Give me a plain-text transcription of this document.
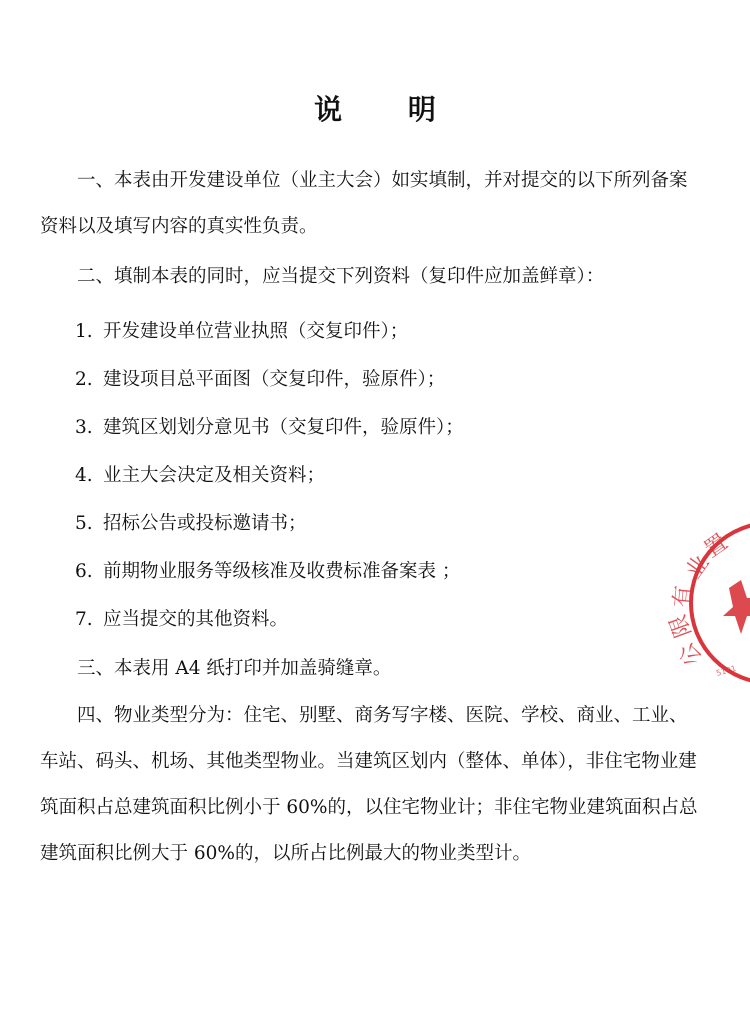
说 明

一、本表由开发建设单位（业主大会）如实填制，并对提交的以下所列备案资料以及填写内容的真实性负责。

二、填制本表的同时，应当提交下列资料（复印件应加盖鲜章）：

1. 开发建设单位营业执照（交复印件）；
2. 建设项目总平面图（交复印件，验原件）；
3. 建筑区划划分意见书（交复印件，验原件）；
4. 业主大会决定及相关资料；
5. 招标公告或投标邀请书；
6. 前期物业服务等级核准及收费标准备案表 ；
7. 应当提交的其他资料。

三、本表用 A4 纸打印并加盖骑缝章。

四、物业类型分为：住宅、别墅、商务写字楼、医院、学校、商业、工业、车站、码头、机场、其他类型物业。当建筑区划内（整体、单体），非住宅物业建筑面积占总建筑面积比例小于 60%的，以住宅物业计；非住宅物业建筑面积占总建筑面积比例大于 60%的，以所占比例最大的物业类型计。

置
业
有
限
公
5101
